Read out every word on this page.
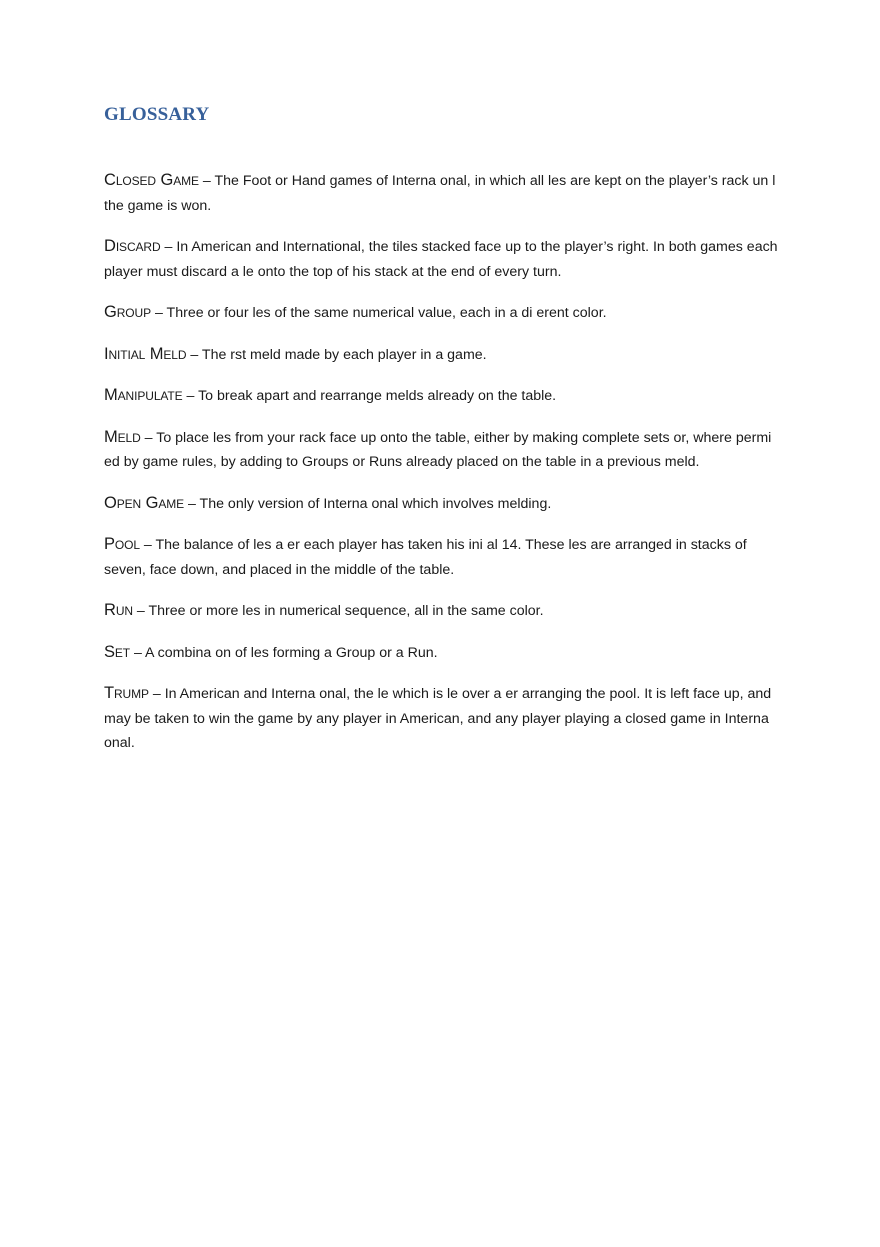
GLOSSARY

Closed Game – The Foot or Hand games of Interna onal, in which all les are kept on the player’s rack un l the game is won.

Discard – In American and International, the tiles stacked face up to the player’s right. In both games each player must discard a le onto the top of his stack at the end of every turn.

Group – Three or four les of the same numerical value, each in a di erent color.

Initial Meld – The rst meld made by each player in a game.

Manipulate – To break apart and rearrange melds already on the table.

Meld – To place les from your rack face up onto the table, either by making complete sets or, where permi ed by game rules, by adding to Groups or Runs already placed on the table in a previous meld.

Open Game – The only version of Interna onal which involves melding.

Pool – The balance of les a er each player has taken his ini al 14. These les are arranged in stacks of seven, face down, and placed in the middle of the table.

Run – Three or more les in numerical sequence, all in the same color.

Set – A combina on of les forming a Group or a Run.

Trump – In American and Interna onal, the le which is le over a er arranging the pool. It is left face up, and may be taken to win the game by any player in American, and any player playing a closed game in Interna onal.
